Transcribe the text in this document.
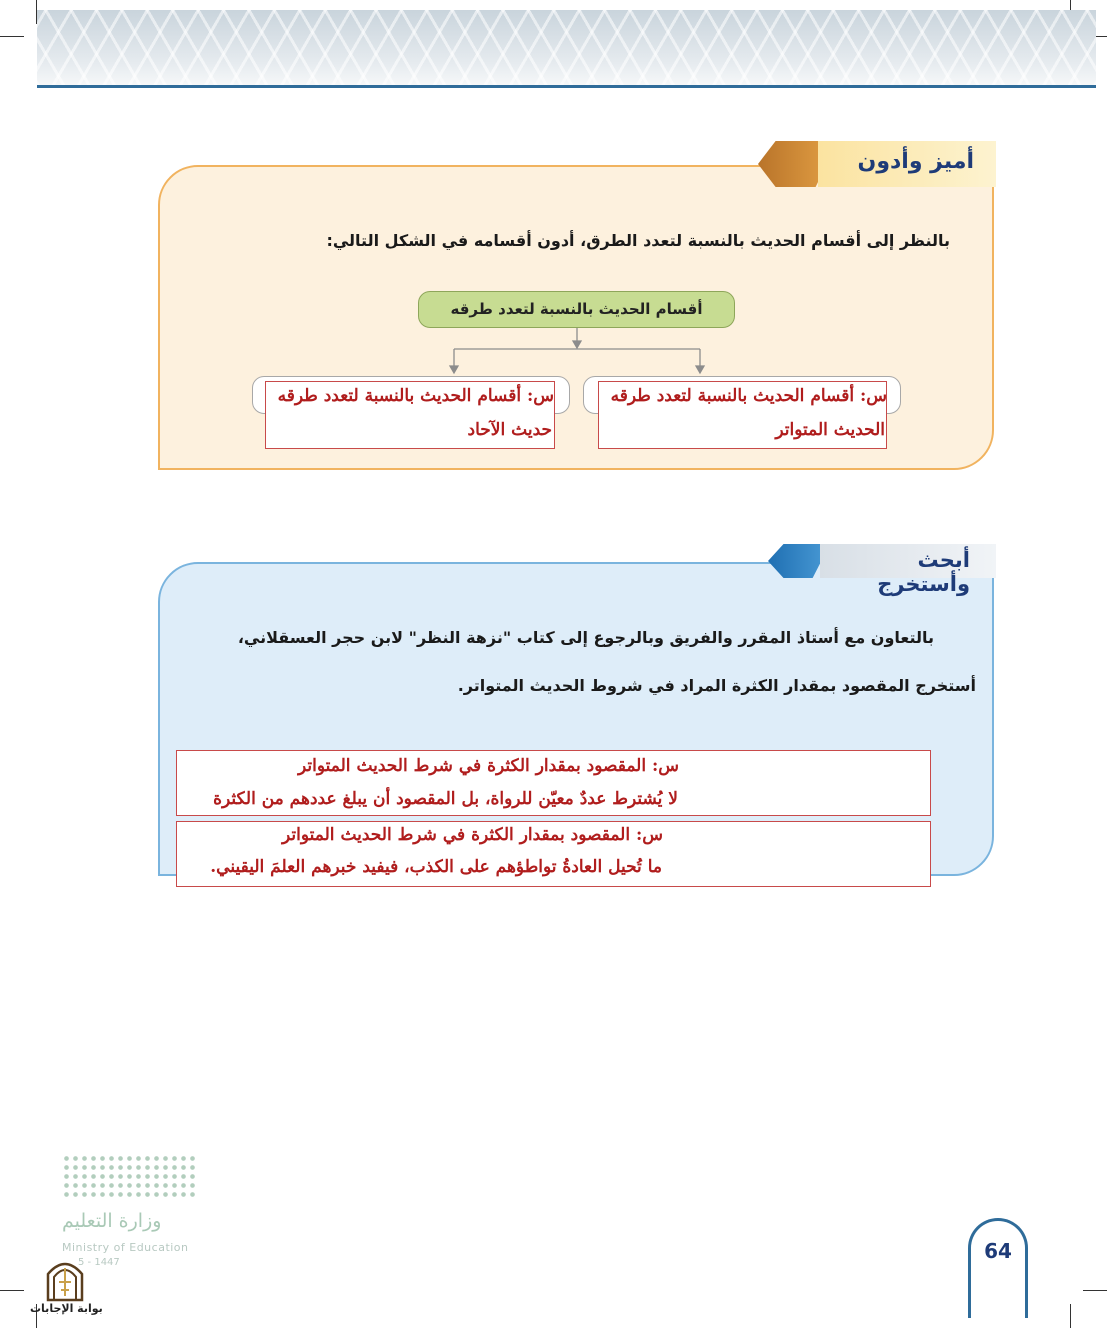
أميز وأدون
بالنظر إلى أقسام الحديث بالنسبة لتعدد الطرق، أدون أقسامه في الشكل التالي:
أقسام الحديث بالنسبة لتعدد طرقه
س: أقسام الحديث بالنسبة لتعدد طرقه
الحديث المتواتر
س: أقسام الحديث بالنسبة لتعدد طرقه
حديث الآحاد
أبحث وأستخرج
بالتعاون مع أستاذ المقرر والفريق وبالرجوع إلى كتاب "نزهة النظر" لابن حجر العسقلاني،
أستخرج المقصود بمقدار الكثرة المراد في شروط الحديث المتواتر.
س: المقصود بمقدار الكثرة في شرط الحديث المتواتر
لا يُشترط عددٌ معيّن للرواة، بل المقصود أن يبلغ عددهم من الكثرة
س: المقصود بمقدار الكثرة في شرط الحديث المتواتر
ما تُحيل العادةُ تواطؤهم على الكذب، فيفيد خبرهم العلمَ اليقيني.
وزارة التعليم
Ministry of Education
5 - 1447
بوابة الإجابات
64
